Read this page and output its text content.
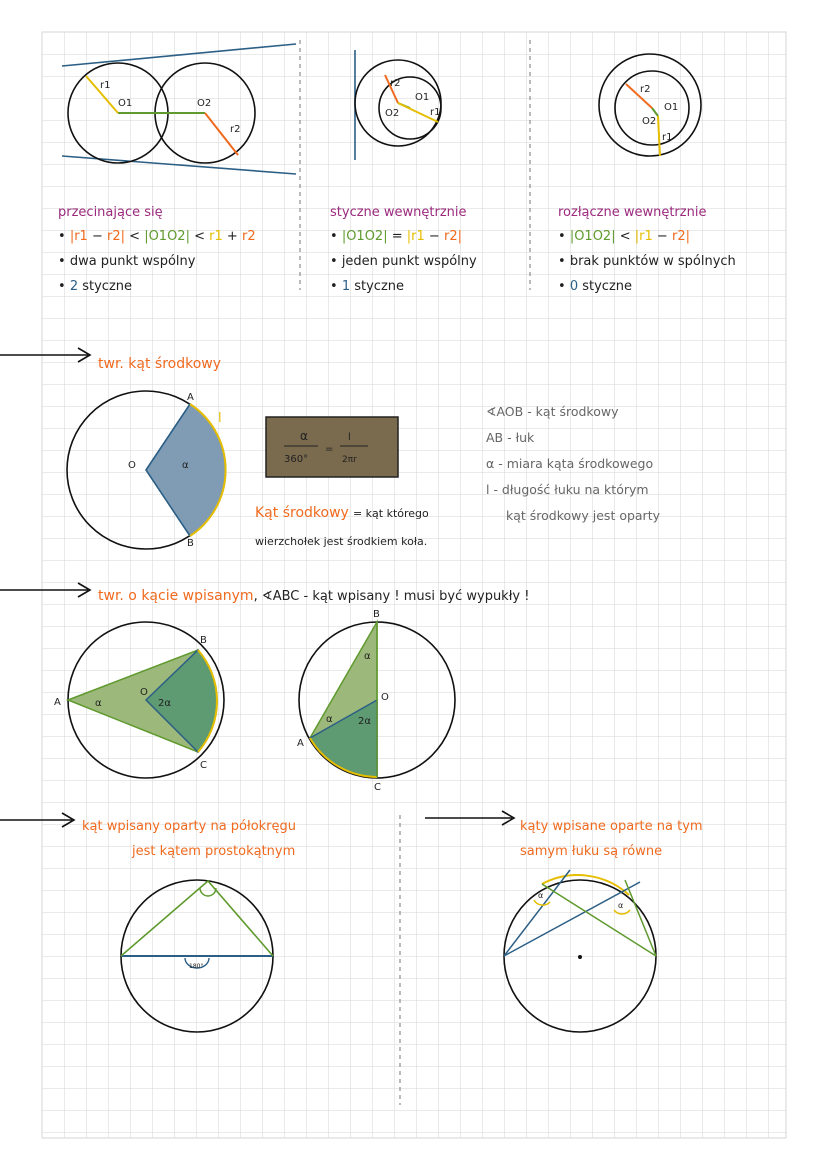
r1
O1	O2
r2
r2
O1
O2	r1
r2
O1
O2
r1
przecinające się
• |r1 − r2| < |O1O2| < r1 + r2
• dwa punkt wspólny
• 2 styczne
styczne wewnętrznie
• |O1O2| = |r1 − r2|
• jeden punkt wspólny
• 1 styczne
rozłączne wewnętrznie
• |O1O2| < |r1 − r2|
• brak punktów w spólnych
• 0 styczne
twr. kąt środkowy
A
B
O
l
α
α
360°
=
l
2πr
Kąt środkowy = kąt którego
wierzchołek jest środkiem koła.
∢AOB - kąt środkowy
AB - łuk
α - miara kąta środkowego
l - długość łuku na którym
kąt środkowy jest oparty
twr. o kącie wpisanym, ∢ABC - kąt wpisany ! musi być wypukły !
A
B
C
O
α	2α
B
A
C
O
α
α	2α
kąt wpisany oparty na półokręgu
jest kątem prostokątnym
180°
kąty wpisane oparte na tym
samym łuku są równe
α
α
